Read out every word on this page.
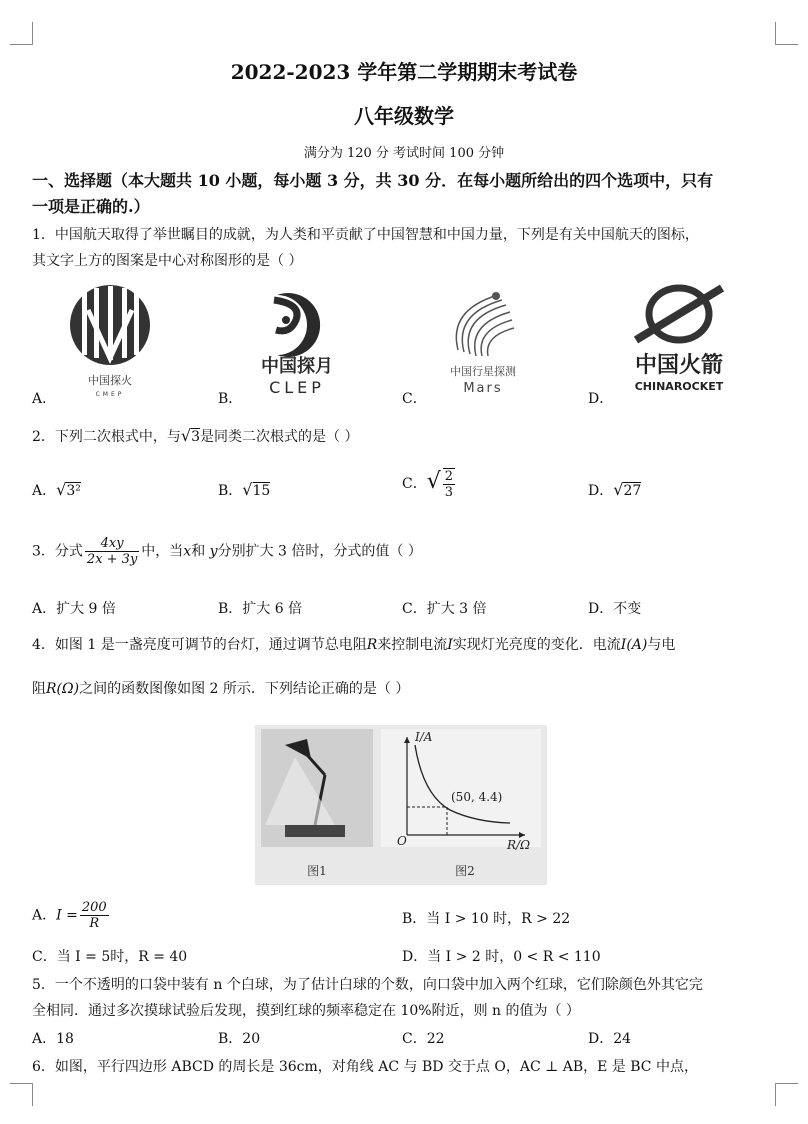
2022-2023 学年第二学期期末考试卷
八年级数学
满分为 120 分 考试时间 100 分钟
一、选择题（本大题共 10 小题，每小题 3 分，共 30 分．在每小题所给出的四个选项中，只有
一项是正确的.）
1．中国航天取得了举世瞩目的成就，为人类和平贡献了中国智慧和中国力量，下列是有关中国航天的图标，
其文字上方的图案是中心对称图形的是（ ）
中国探火
CMEP
A．
中国探月
CLEP
B．
中国行星探测
Mars
C．
中国火箭
CHINAROCKET
D．
2．下列二次根式中，与√3是同类二次根式的是（ ）
A．√3²	B．√15	C．√ $\frac{2}{3}$	D．√27
3．分式 $\frac{4xy}{2x + 3y}$ 中，当x和 y分别扩大 3 倍时，分式的值（ ）
A．扩大 9 倍	B．扩大 6 倍	C．扩大 3 倍	D．不变
4．如图 1 是一盏亮度可调节的台灯，通过调节总电阻R来控制电流I实现灯光亮度的变化．电流I(A)与电
阻R(Ω)之间的函数图像如图 2 所示．下列结论正确的是（ ）
图1
I/A
R/Ω
O
(50, 4.4)
图2
A．$I = \frac{200}{R}$	B．当 I > 10 时，R > 22
C．当 I = 5时，R = 40	D．当 I > 2 时，0 < R < 110
5．一个不透明的口袋中装有 n 个白球，为了估计白球的个数，向口袋中加入两个红球，它们除颜色外其它完
全相同．通过多次摸球试验后发现，摸到红球的频率稳定在 10%附近，则 n 的值为（ ）
A．18	B．20	C．22	D．24
6．如图，平行四边形 ABCD 的周长是 36cm，对角线 AC 与 BD 交于点 O，AC ⊥ AB，E 是 BC 中点，
